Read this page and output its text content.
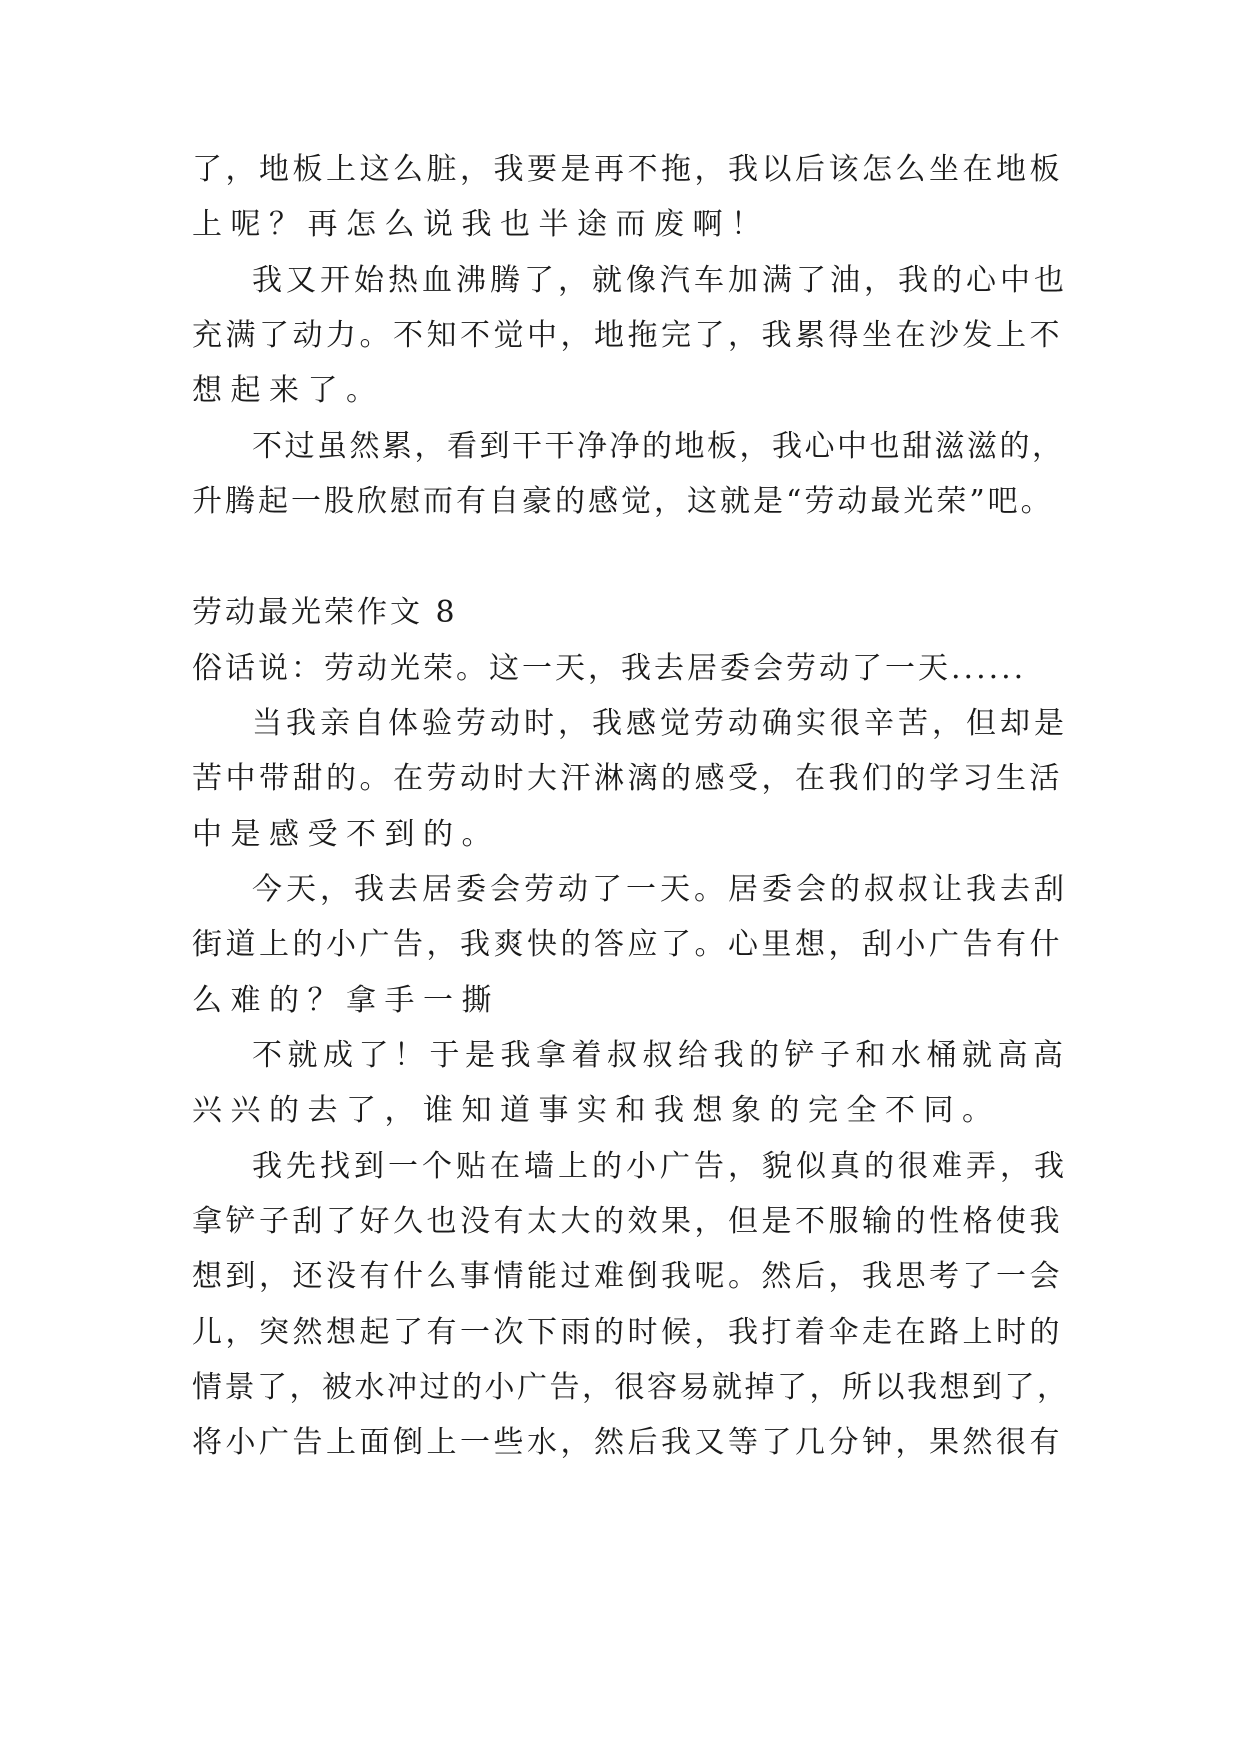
了，地板上这么脏，我要是再不拖，我以后该怎么坐在地板
上呢？再怎么说我也半途而废啊！
我又开始热血沸腾了，就像汽车加满了油，我的心中也
充满了动力。不知不觉中，地拖完了，我累得坐在沙发上不
想起来了。
不过虽然累，看到干干净净的地板，我心中也甜滋滋的，
升腾起一股欣慰而有自豪的感觉，这就是“劳动最光荣”吧。
劳动最光荣作文 8
俗话说：劳动光荣。这一天，我去居委会劳动了一天......
当我亲自体验劳动时，我感觉劳动确实很辛苦，但却是
苦中带甜的。在劳动时大汗淋漓的感受，在我们的学习生活
中是感受不到的。
今天，我去居委会劳动了一天。居委会的叔叔让我去刮
街道上的小广告，我爽快的答应了。心里想，刮小广告有什
么难的？拿手一撕
不就成了！于是我拿着叔叔给我的铲子和水桶就高高
兴兴的去了，谁知道事实和我想象的完全不同。
我先找到一个贴在墙上的小广告，貌似真的很难弄，我
拿铲子刮了好久也没有太大的效果，但是不服输的性格使我
想到，还没有什么事情能过难倒我呢。然后，我思考了一会
儿，突然想起了有一次下雨的时候，我打着伞走在路上时的
情景了，被水冲过的小广告，很容易就掉了，所以我想到了，
将小广告上面倒上一些水，然后我又等了几分钟，果然很有
